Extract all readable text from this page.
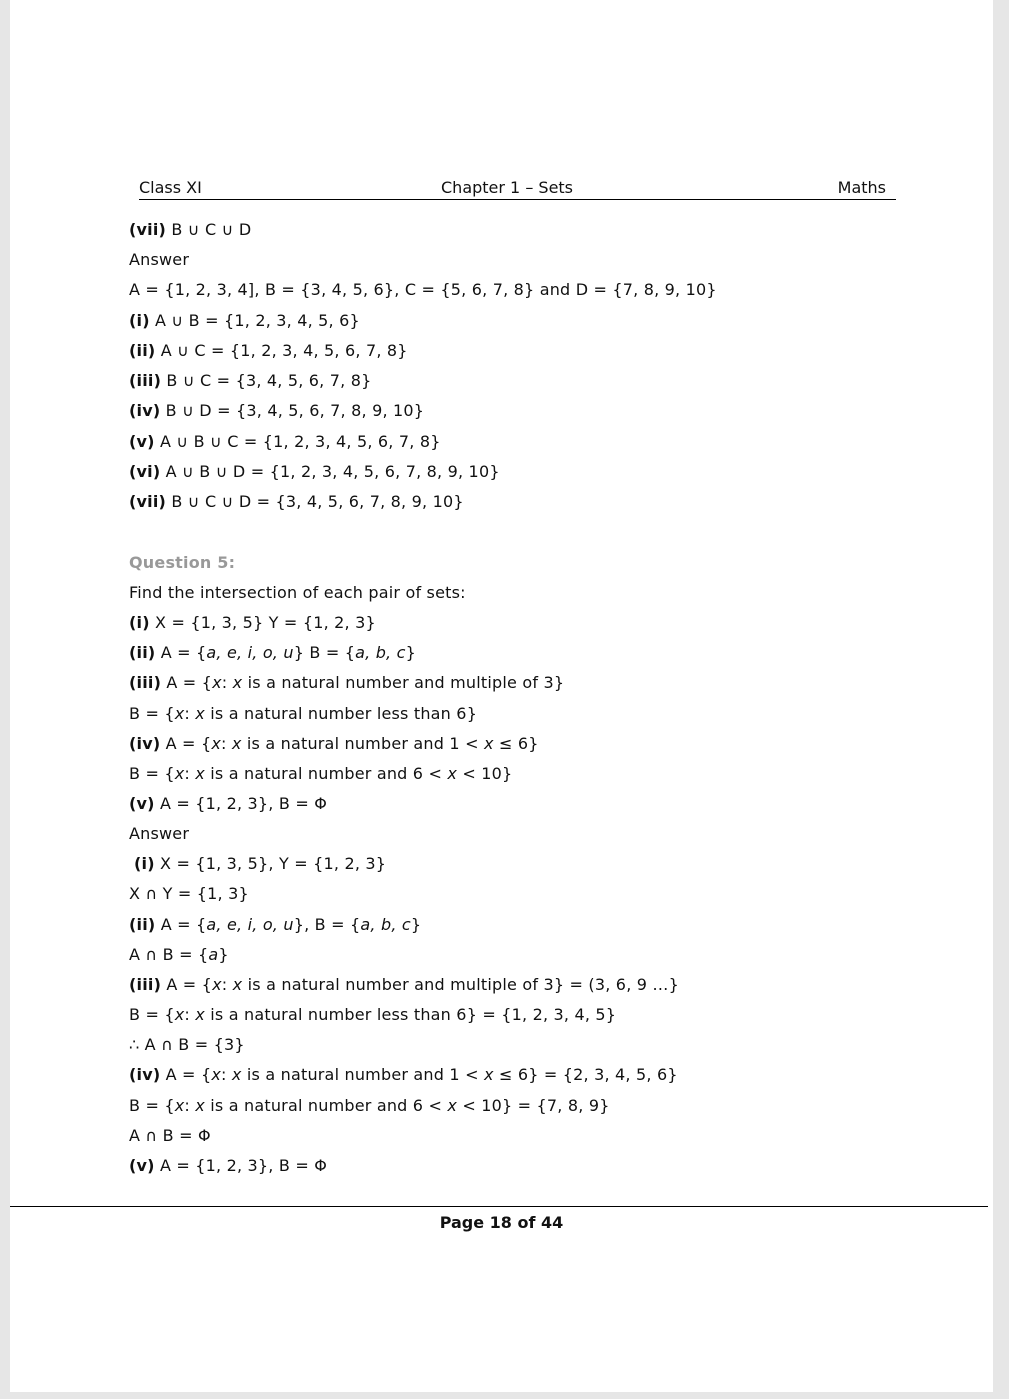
Class XI	Chapter 1 – Sets	Maths
(vii) B ∪ C ∪ D
Answer
A = {1, 2, 3, 4], B = {3, 4, 5, 6}, C = {5, 6, 7, 8} and D = {7, 8, 9, 10}
(i) A ∪ B = {1, 2, 3, 4, 5, 6}
(ii) A ∪ C = {1, 2, 3, 4, 5, 6, 7, 8}
(iii) B ∪ C = {3, 4, 5, 6, 7, 8}
(iv) B ∪ D = {3, 4, 5, 6, 7, 8, 9, 10}
(v) A ∪ B ∪ C = {1, 2, 3, 4, 5, 6, 7, 8}
(vi) A ∪ B ∪ D = {1, 2, 3, 4, 5, 6, 7, 8, 9, 10}
(vii) B ∪ C ∪ D = {3, 4, 5, 6, 7, 8, 9, 10}
Question 5:
Find the intersection of each pair of sets:
(i) X = {1, 3, 5} Y = {1, 2, 3}
(ii) A = {a, e, i, o, u} B = {a, b, c}
(iii) A = {x: x is a natural number and multiple of 3}
B = {x: x is a natural number less than 6}
(iv) A = {x: x is a natural number and 1 < x ≤ 6}
B = {x: x is a natural number and 6 < x < 10}
(v) A = {1, 2, 3}, B = Φ
Answer
(i) X = {1, 3, 5}, Y = {1, 2, 3}
X ∩ Y = {1, 3}
(ii) A = {a, e, i, o, u}, B = {a, b, c}
A ∩ B = {a}
(iii) A = {x: x is a natural number and multiple of 3} = (3, 6, 9 …}
B = {x: x is a natural number less than 6} = {1, 2, 3, 4, 5}
∴ A ∩ B = {3}
(iv) A = {x: x is a natural number and 1 < x ≤ 6} = {2, 3, 4, 5, 6}
B = {x: x is a natural number and 6 < x < 10} = {7, 8, 9}
A ∩ B = Φ
(v) A = {1, 2, 3}, B = Φ
Page 18 of 44
